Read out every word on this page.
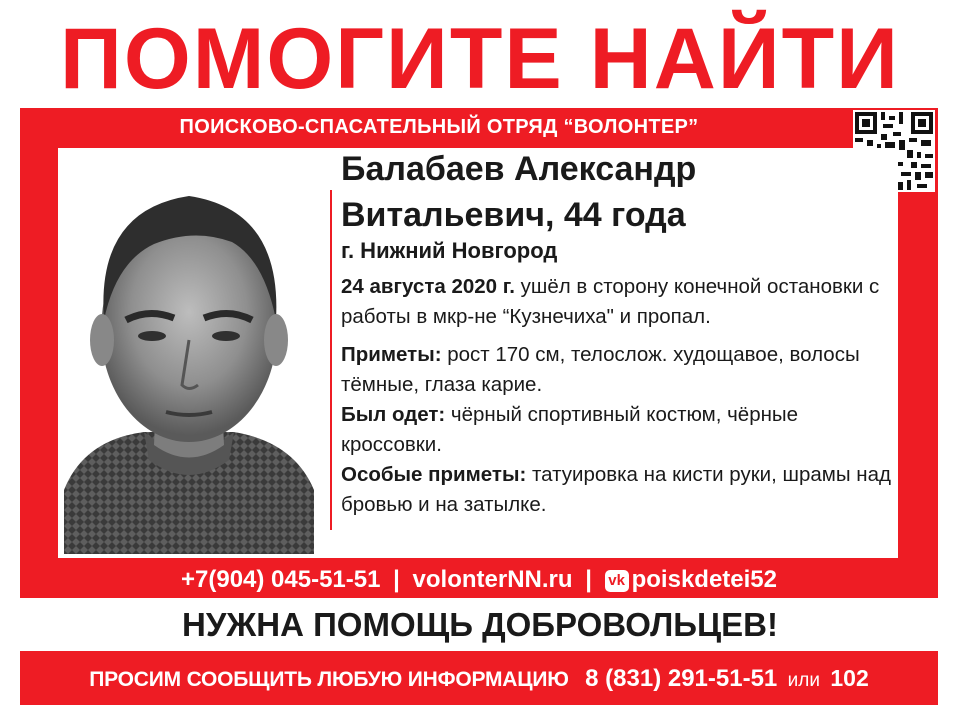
ПОМОГИТЕ НАЙТИ
ПОИСКОВО-СПАСАТЕЛЬНЫЙ ОТРЯД “ВОЛОНТЕР”
Балабаев Александр
Витальевич, 44 года
г. Нижний Новгород

24 августа 2020 г. ушёл в сторону конечной остановки с работы в мкр-не “Кузнечиха" и пропал.

Приметы: рост 170 см, телослож. худощавое, волосы тёмные, глаза карие.

Был одет: чёрный спортивный костюм, чёрные кроссовки.

Особые приметы: татуировка на кисти руки, шрамы над бровью и на затылке.

+7(904) 045-51-51 | volonterNN.ru | vk poiskdetei52
НУЖНА ПОМОЩЬ ДОБРОВОЛЬЦЕВ!
ПРОСИМ СООБЩИТЬ ЛЮБУЮ ИНФОРМАЦИЮ 8 (831) 291-51-51 или 102
